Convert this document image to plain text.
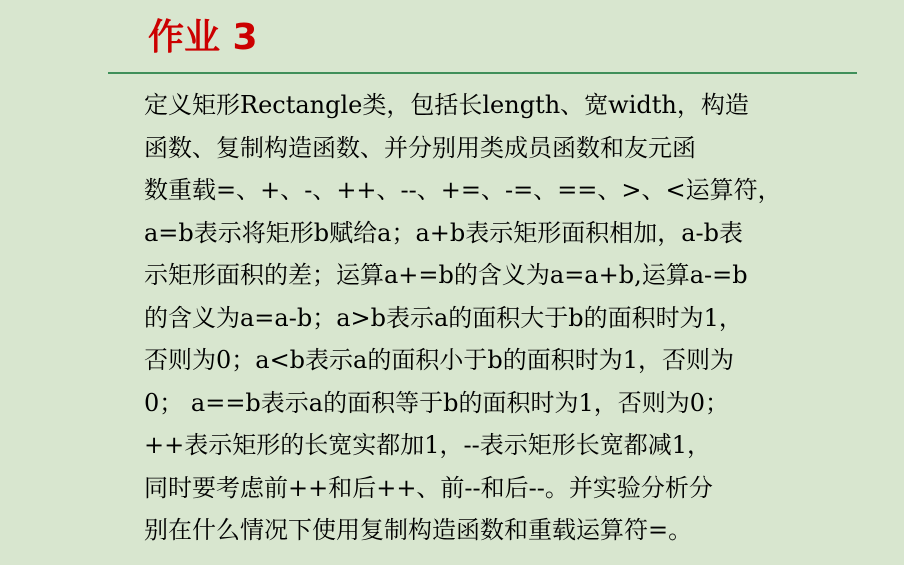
作业 3
定义矩形Rectangle类，包括长length、宽width，构造
函数、复制构造函数、并分别用类成员函数和友元函
数重载=、+、-、++、--、+=、-=、==、>、<运算符，
a=b表示将矩形b赋给a；a+b表示矩形面积相加，a-b表
示矩形面积的差；运算a+=b的含义为a=a+b,运算a-=b
的含义为a=a-b；a>b表示a的面积大于b的面积时为1，
否则为0；a<b表示a的面积小于b的面积时为1，否则为
0； a==b表示a的面积等于b的面积时为1，否则为0；
++表示矩形的长宽实都加1，--表示矩形长宽都减1，
同时要考虑前++和后++、前--和后--。并实验分析分
别在什么情况下使用复制构造函数和重载运算符=。
